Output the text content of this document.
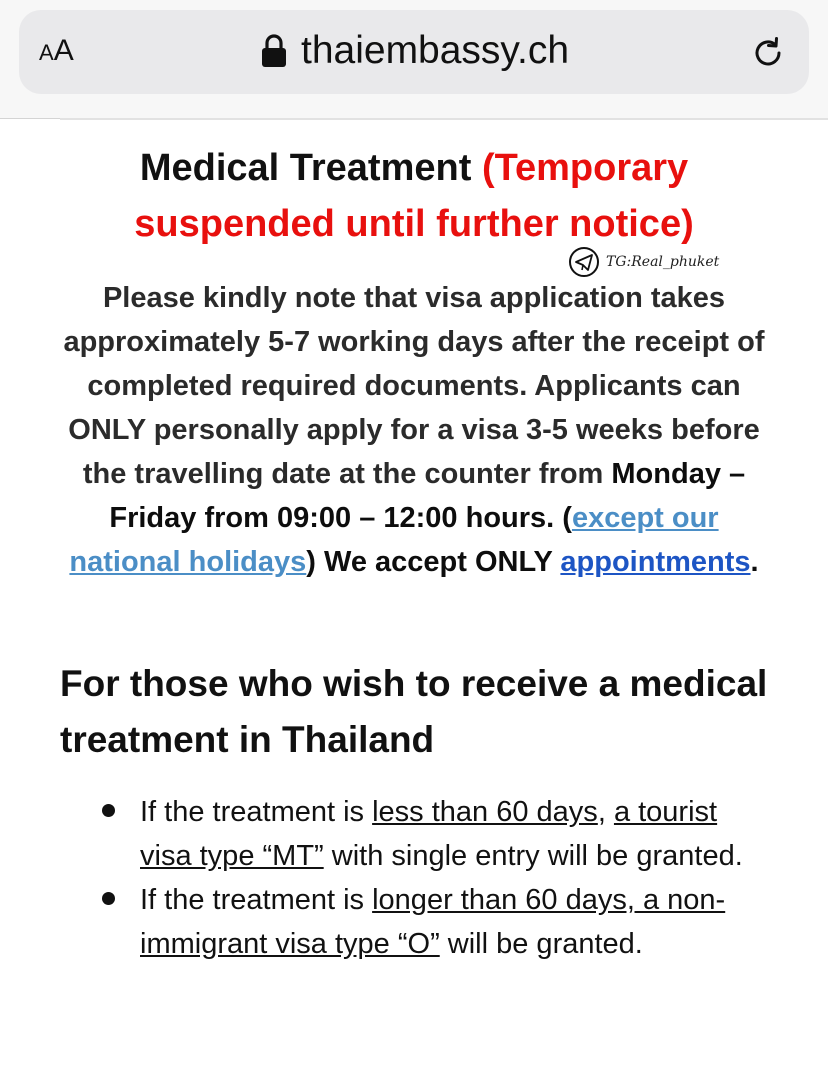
AA	thaiembassy.ch
Medical Treatment (Temporary suspended until further notice)
TG:Real_phuket

Please kindly note that visa application takes approximately 5-7 working days after the receipt of completed required documents. Applicants can ONLY personally apply for a visa 3-5 weeks before the travelling date at the counter from Monday – Friday from 09:00 – 12:00 hours. (except our national holidays) We accept ONLY appointments.

For those who wish to receive a medical treatment in Thailand
If the treatment is less than 60 days, a tourist visa type “MT” with single entry will be granted.
If the treatment is longer than 60 days, a non-immigrant visa type “O” will be granted.
